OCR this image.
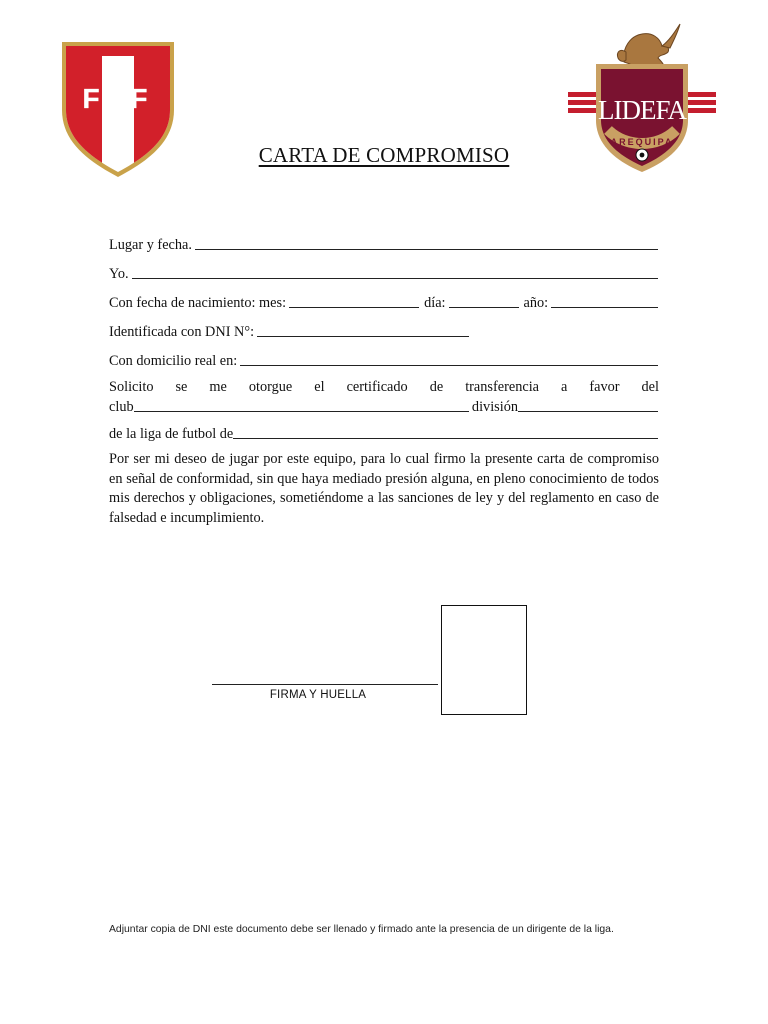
FPF	LIDEFA
AREQUIPA
CARTA DE COMPROMISO
Lugar y fecha.
Yo.
Con fecha de nacimiento: mes:	día:	año:
Identificada con DNI N°:
Con domicilio real en:
Solicito se me otorgue el certificado de transferencia a favor del
club	división
de la liga de futbol de
Por ser mi deseo de jugar por este equipo, para lo cual firmo la presente carta de compromiso en señal de conformidad, sin que haya mediado presión alguna, en pleno conocimiento de todos mis derechos y obligaciones, sometiéndome a las sanciones de ley y del reglamento en caso de falsedad e incumplimiento.
FIRMA Y HUELLA
Adjuntar copia de DNI este documento debe ser llenado y firmado ante la presencia de un dirigente de la liga.
